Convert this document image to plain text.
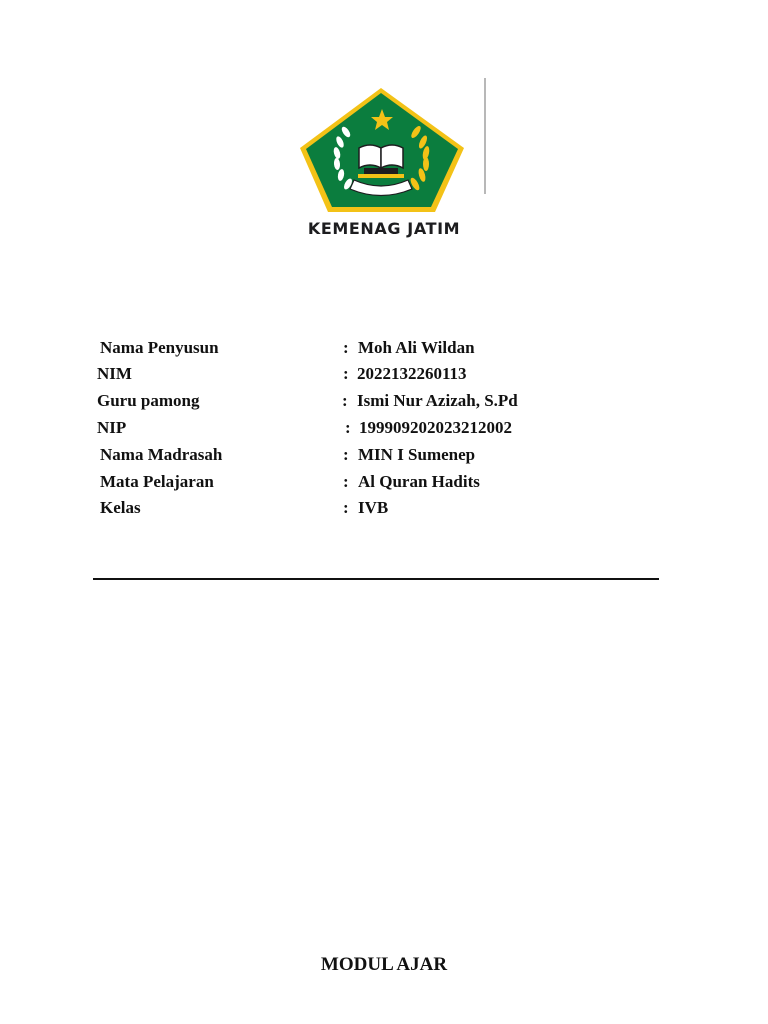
KEMENAG JATIM
Nama Penyusun	: Moh Ali Wildan
NIM	: 2022132260113
Guru pamong	: Ismi Nur Azizah, S.Pd
NIP	: 199909202023212002
Nama Madrasah	: MIN I Sumenep
Mata Pelajaran	: Al Quran Hadits
Kelas	: IVB
MODUL AJAR
